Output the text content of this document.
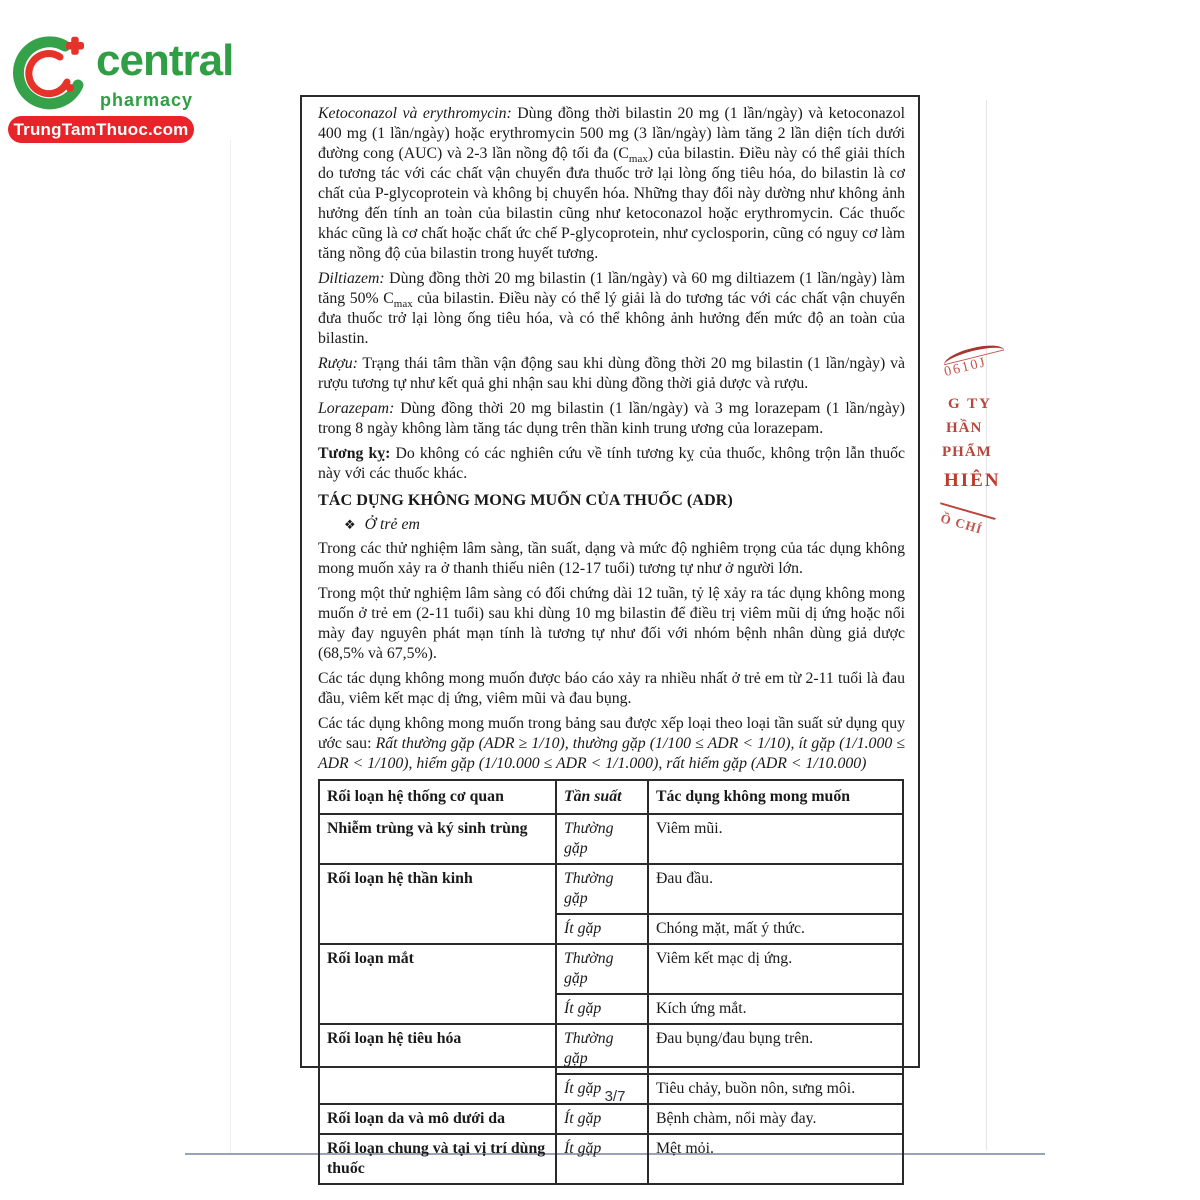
central
pharmacy
TrungTamThuoc.com

Ketoconazol và erythromycin: Dùng đồng thời bilastin 20 mg (1 lần/ngày) và ketoconazol 400 mg (1 lần/ngày) hoặc erythromycin 500 mg (3 lần/ngày) làm tăng 2 lần diện tích dưới đường cong (AUC) và 2-3 lần nồng độ tối đa $(C_{max})$ của bilastin. Điều này có thể giải thích do tương tác với các chất vận chuyển đưa thuốc trở lại lòng ống tiêu hóa, do bilastin là cơ chất của P-glycoprotein và không bị chuyển hóa. Những thay đổi này dường như không ảnh hưởng đến tính an toàn của bilastin cũng như ketoconazol hoặc erythromycin. Các thuốc khác cũng là cơ chất hoặc chất ức chế P-glycoprotein, như cyclosporin, cũng có nguy cơ làm tăng nồng độ của bilastin trong huyết tương.

Diltiazem: Dùng đồng thời 20 mg bilastin (1 lần/ngày) và 60 mg diltiazem (1 lần/ngày) làm tăng 50% $C_{max}$ của bilastin. Điều này có thể lý giải là do tương tác với các chất vận chuyển đưa thuốc trở lại lòng ống tiêu hóa, và có thể không ảnh hưởng đến mức độ an toàn của bilastin.

Rượu: Trạng thái tâm thần vận động sau khi dùng đồng thời 20 mg bilastin (1 lần/ngày) và rượu tương tự như kết quả ghi nhận sau khi dùng đồng thời giả dược và rượu.

Lorazepam: Dùng đồng thời 20 mg bilastin (1 lần/ngày) và 3 mg lorazepam (1 lần/ngày) trong 8 ngày không làm tăng tác dụng trên thần kinh trung ương của lorazepam.

Tương kỵ: Do không có các nghiên cứu về tính tương kỵ của thuốc, không trộn lẫn thuốc này với các thuốc khác.

TÁC DỤNG KHÔNG MONG MUỐN CỦA THUỐC (ADR)
❖ Ở trẻ em

Trong các thử nghiệm lâm sàng, tần suất, dạng và mức độ nghiêm trọng của tác dụng không mong muốn xảy ra ở thanh thiếu niên (12-17 tuổi) tương tự như ở người lớn.

Trong một thử nghiệm lâm sàng có đối chứng dài 12 tuần, tỷ lệ xảy ra tác dụng không mong muốn ở trẻ em (2-11 tuổi) sau khi dùng 10 mg bilastin để điều trị viêm mũi dị ứng hoặc nổi mày đay nguyên phát mạn tính là tương tự như đối với nhóm bệnh nhân dùng giả dược (68,5% và 67,5%).

Các tác dụng không mong muốn được báo cáo xảy ra nhiều nhất ở trẻ em từ 2-11 tuổi là đau đầu, viêm kết mạc dị ứng, viêm mũi và đau bụng.

Các tác dụng không mong muốn trong bảng sau được xếp loại theo loại tần suất sử dụng quy ước sau: Rất thường gặp (ADR ≥ 1/10), thường gặp (1/100 ≤ ADR < 1/10), ít gặp (1/1.000 ≤ ADR < 1/100), hiếm gặp (1/10.000 ≤ ADR < 1/1.000), rất hiếm gặp (ADR < 1/10.000)

Rối loạn hệ thống cơ quan	Tần suất	Tác dụng không mong muốn
Nhiễm trùng và ký sinh trùng	Thường gặp	Viêm mũi.
Rối loạn hệ thần kinh	Thường gặp	Đau đầu.
	Ít gặp	Chóng mặt, mất ý thức.
Rối loạn mắt	Thường gặp	Viêm kết mạc dị ứng.
	Ít gặp	Kích ứng mắt.
Rối loạn hệ tiêu hóa	Thường gặp	Đau bụng/đau bụng trên.
	Ít gặp	Tiêu chảy, buồn nôn, sưng môi.
Rối loạn da và mô dưới da	Ít gặp	Bệnh chàm, nổi mày đay.
Rối loạn chung và tại vị trí dùng thuốc	Ít gặp	Mệt mỏi.
0610J
G TY
HẦN
PHẨM
HIÊN
Ồ CHÍ
3/7
